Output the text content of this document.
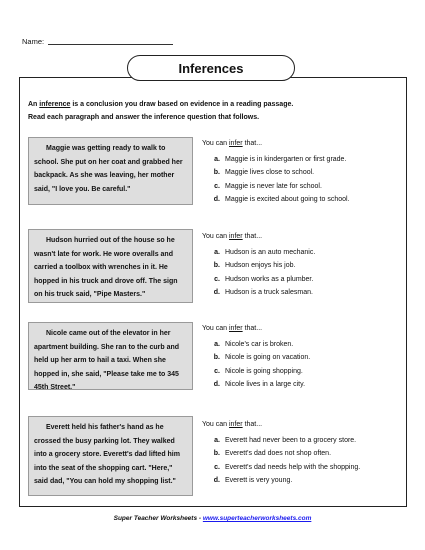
Name:
Inferences
An inference is a conclusion you draw based on evidence in a reading passage.
Read each paragraph and answer the inference question that follows.

Maggie was getting ready to walk to school. She put on her coat and grabbed her backpack. As she was leaving, her mother said, "I love you. Be careful."

You can infer that...
a. Maggie is in kindergarten or first grade.
b. Maggie lives close to school.
c. Maggie is never late for school.
d. Maggie is excited about going to school.

Hudson hurried out of the house so he wasn't late for work. He wore overalls and carried a toolbox with wrenches in it. He hopped in his truck and drove off. The sign on his truck said, "Pipe Masters."

You can infer that...
a. Hudson is an auto mechanic.
b. Hudson enjoys his job.
c. Hudson works as a plumber.
d. Hudson is a truck salesman.

Nicole came out of the elevator in her apartment building. She ran to the curb and held up her arm to hail a taxi. When she hopped in, she said, "Please take me to 345 45th Street."

You can infer that...
a. Nicole's car is broken.
b. Nicole is going on vacation.
c. Nicole is going shopping.
d. Nicole lives in a large city.

Everett held his father's hand as he crossed the busy parking lot. They walked into a grocery store. Everett's dad lifted him into the seat of the shopping cart. "Here," said dad, "You can hold my shopping list."

You can infer that...
a. Everett had never been to a grocery store.
b. Everett's dad does not shop often.
c. Everett's dad needs help with the shopping.
d. Everett is very young.
Super Teacher Worksheets - www.superteacherworksheets.com
